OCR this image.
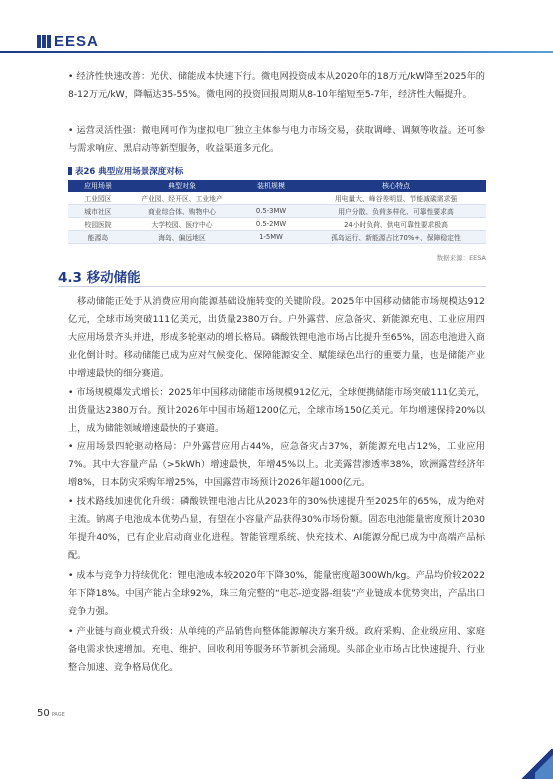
EESA

• 经济性快速改善：光伏、储能成本快速下行。微电网投资成本从2020年的18万元/kW降至2025年的8-12万元/kW，降幅达35-55%。微电网的投资回报周期从8-10年缩短至5-7年，经济性大幅提升。

• 运营灵活性强：微电网可作为虚拟电厂独立主体参与电力市场交易，获取调峰、调频等收益。还可参与需求响应、黑启动等新型服务，收益渠道多元化。

表26 典型应用场景深度对标
应用场景	典型对象	装机规模	核心特点
工业园区	产业园、经开区、工业地产		用电量大、峰谷差明显、节能减碳需求强
城市社区	商业综合体、购物中心	0.5-3MW	用户分散、负荷多样化、可靠性要求高
校园医院	大学校园、医疗中心	0.5-2MW	24小时负荷、供电可靠性要求极高
能源岛	海岛、偏远地区	1-5MW	孤岛运行、新能源占比70%+、保障稳定性
数据来源：EESA
4.3 移动储能

移动储能正处于从消费应用向能源基础设施转变的关键阶段。2025年中国移动储能市场规模达912亿元，全球市场突破111亿美元，出货量2380万台。户外露营、应急备灾、新能源充电、工业应用四大应用场景齐头并进，形成多轮驱动的增长格局。磷酸铁锂电池市场占比提升至65%，固态电池进入商业化倒计时。移动储能已成为应对气候变化、保障能源安全、赋能绿色出行的重要力量，也是储能产业中增速最快的细分赛道。

• 市场规模爆发式增长：2025年中国移动储能市场规模912亿元，全球便携储能市场突破111亿美元，出货量达2380万台。预计2026年中国市场超1200亿元，全球市场150亿美元。年均增速保持20%以上，成为储能领域增速最快的子赛道。

• 应用场景四轮驱动格局：户外露营应用占44%，应急备灾占37%，新能源充电占12%，工业应用7%。其中大容量产品（>5kWh）增速最快，年增45%以上。北美露营渗透率38%，欧洲露营经济年增8%，日本防灾采购年增25%，中国露营市场预计2026年超1000亿元。

• 技术路线加速优化升级：磷酸铁锂电池占比从2023年的30%快速提升至2025年的65%，成为绝对主流。钠离子电池成本优势凸显，有望在小容量产品获得30%市场份额。固态电池能量密度预计2030年提升40%，已有企业启动商业化进程。智能管理系统、快充技术、AI能源分配已成为中高端产品标配。

• 成本与竞争力持续优化：锂电池成本较2020年下降30%，能量密度超300Wh/kg。产品均价较2022年下降18%。中国产能占全球92%，珠三角完整的“电芯-逆变器-组装”产业链成本优势突出，产品出口竞争力强。

• 产业链与商业模式升级：从单纯的产品销售向整体能源解决方案升级。政府采购、企业级应用、家庭备电需求快速增加。充电、维护、回收利用等服务环节新机会涌现。头部企业市场占比快速提升、行业整合加速、竞争格局优化。

50 PAGE
